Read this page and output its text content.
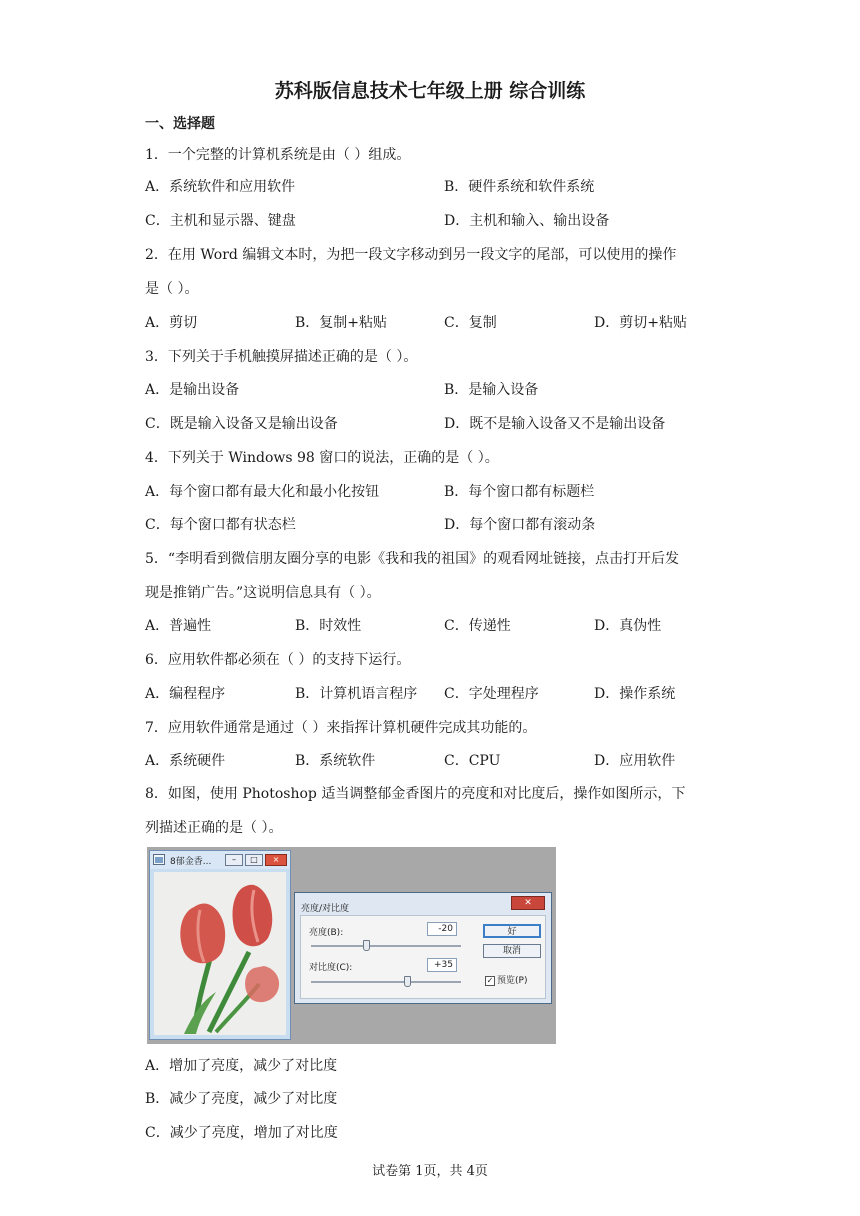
苏科版信息技术七年级上册 综合训练
一、选择题
1．一个完整的计算机系统是由（ ）组成。
A．系统软件和应用软件	B．硬件系统和软件系统
C．主机和显示器、键盘	D．主机和输入、输出设备
2．在用 Word 编辑文本时，为把一段文字移动到另一段文字的尾部，可以使用的操作
是（ ）。
A．剪切	B．复制+粘贴	C．复制	D．剪切+粘贴
3．下列关于手机触摸屏描述正确的是（ ）。
A．是输出设备	B．是输入设备
C．既是输入设备又是输出设备	D．既不是输入设备又不是输出设备
4．下列关于 Windows 98 窗口的说法，正确的是（ ）。
A．每个窗口都有最大化和最小化按钮	B．每个窗口都有标题栏
C．每个窗口都有状态栏	D．每个窗口都有滚动条
5．“李明看到微信朋友圈分享的电影《我和我的祖国》的观看网址链接，点击打开后发
现是推销广告。”这说明信息具有（ ）。
A．普遍性	B．时效性	C．传递性	D．真伪性
6．应用软件都必须在（ ）的支持下运行。
A．编程程序	B．计算机语言程序 C．字处理程序	D．操作系统
7．应用软件通常是通过（ ）来指挥计算机硬件完成其功能的。
A．系统硬件	B．系统软件	C．CPU	D．应用软件
8．如图，使用 Photoshop 适当调整郁金香图片的亮度和对比度后，操作如图所示，下
列描述正确的是（ ）。
8郁金香...	–	□	×
亮度/对比度
✕
亮度(B):	-20
对比度(C):	+35
好
取消
✓ 预览(P)
A．增加了亮度，减少了对比度
B．减少了亮度，减少了对比度
C．减少了亮度，增加了对比度
试卷第 1页，共 4页
